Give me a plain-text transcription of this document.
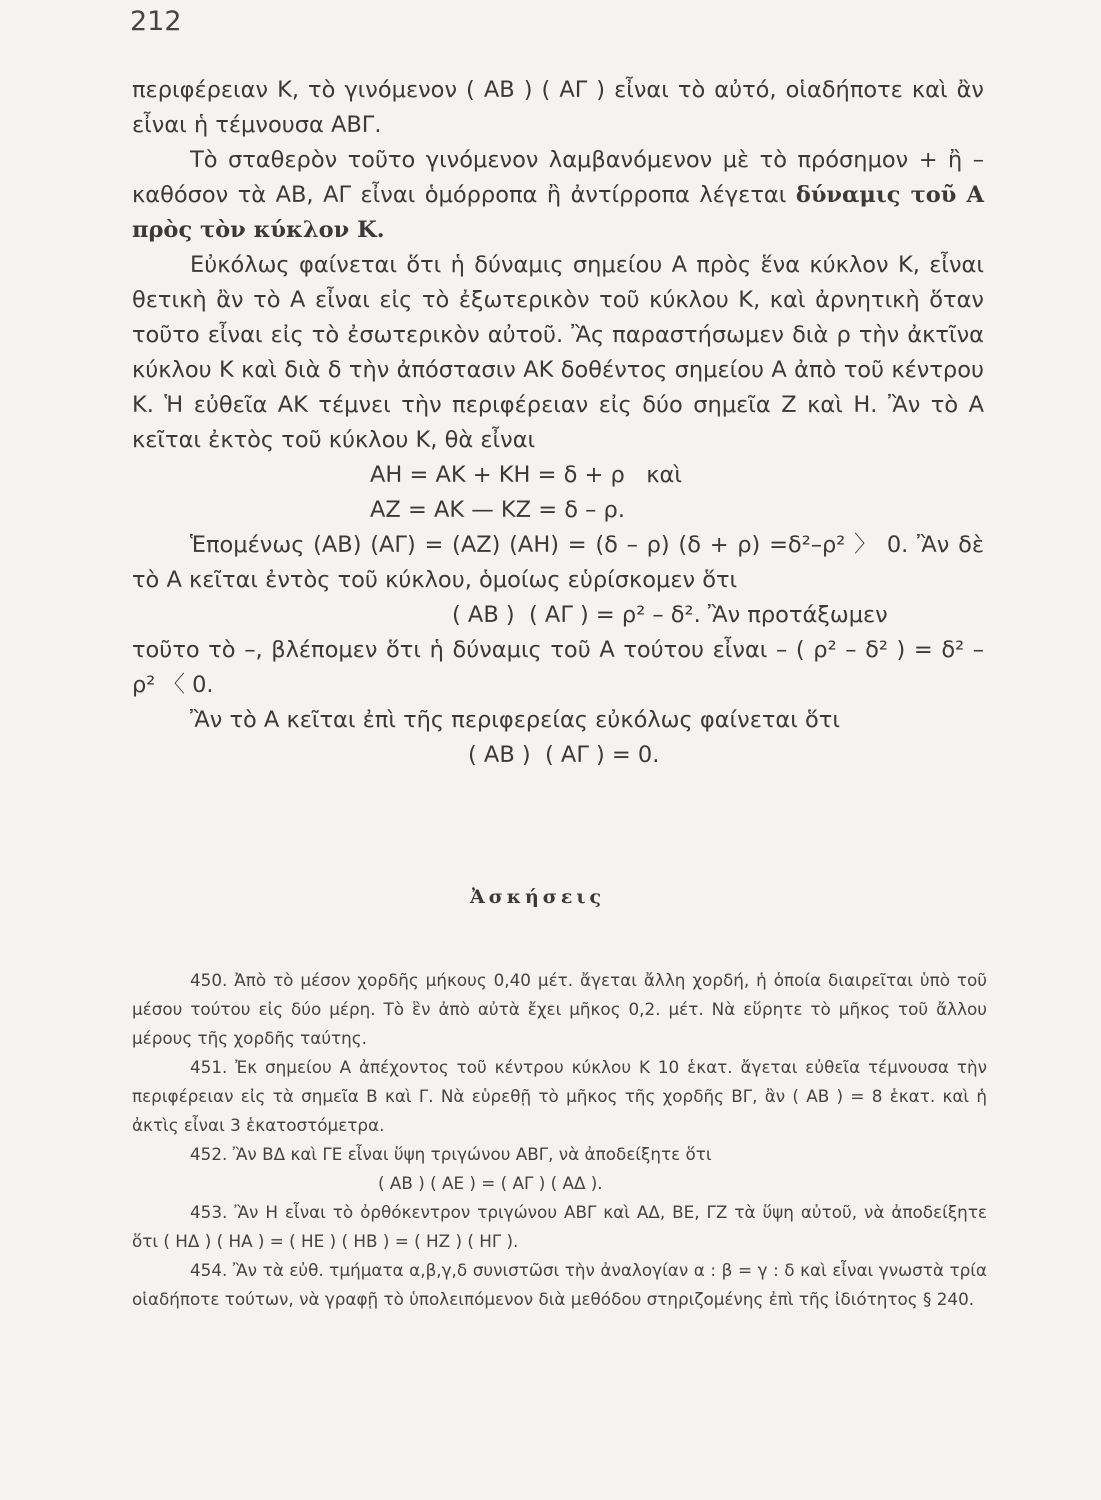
212

περιφέρειαν Κ, τὸ γινόμενον ( ΑΒ ) ( ΑΓ ) εἶναι τὸ αὐτό, οἱαδήποτε καὶ ἂν εἶναι ἡ τέμνουσα ΑΒΓ.

Τὸ σταθερὸν τοῦτο γινόμενον λαμβανόμενον μὲ τὸ πρόσημον + ἢ – καθόσον τὰ ΑΒ, ΑΓ εἶναι ὁμόρροπα ἢ ἀντίρροπα λέγεται δύναμις τοῦ Α πρὸς τὸν κύκλον Κ.

Εὐκόλως φαίνεται ὅτι ἡ δύναμις σημείου Α πρὸς ἕνα κύκλον Κ, εἶναι θετικὴ ἂν τὸ Α εἶναι εἰς τὸ ἐξωτερικὸν τοῦ κύκλου Κ, καὶ ἀρνητικὴ ὅταν τοῦτο εἶναι εἰς τὸ ἐσωτερικὸν αὐτοῦ. Ἂς παραστήσωμεν διὰ ρ τὴν ἀκτῖνα κύκλου Κ καὶ διὰ δ τὴν ἀπόστασιν ΑΚ δοθέντος σημείου Α ἀπὸ τοῦ κέντρου Κ. Ἡ εὐθεῖα ΑΚ τέμνει τὴν περιφέρειαν εἰς δύο σημεῖα Ζ καὶ Η. Ἂν τὸ Α κεῖται ἐκτὸς τοῦ κύκλου Κ, θὰ εἶναι

ΑΗ = ΑΚ + ΚΗ = δ + ρ   καὶ

ΑΖ = ΑΚ — ΚΖ = δ – ρ.

Ἑπομένως (ΑΒ) (ΑΓ) = (ΑΖ) (ΑΗ) = (δ – ρ) (δ + ρ) =δ²–ρ² 〉 0. Ἂν δὲ τὸ Α κεῖται ἐντὸς τοῦ κύκλου, ὁμοίως εὑρίσκομεν ὅτι

( ΑΒ )  ( ΑΓ ) = ρ² – δ². Ἂν προτάξωμεν

τοῦτο τὸ –, βλέπομεν ὅτι ἡ δύναμις τοῦ Α τούτου εἶναι – ( ρ² – δ² ) = δ² – ρ² 〈 0.

Ἂν τὸ Α κεῖται ἐπὶ τῆς περιφερείας εὐκόλως φαίνεται ὅτι

( ΑΒ )  ( ΑΓ ) = 0.

Ἀσκήσεις

450. Ἀπὸ τὸ μέσον χορδῆς μήκους 0,40 μέτ. ἄγεται ἄλλη χορδή, ἡ ὁποία διαιρεῖται ὑπὸ τοῦ μέσου τούτου εἰς δύο μέρη. Τὸ ἓν ἀπὸ αὐτὰ ἔχει μῆκος 0,2. μέτ. Νὰ εὕρητε τὸ μῆκος τοῦ ἄλλου μέρους τῆς χορδῆς ταύτης.

451. Ἐκ σημείου Α ἀπέχοντος τοῦ κέντρου κύκλου Κ 10 ἑκατ. ἄγεται εὐθεῖα τέμνουσα τὴν περιφέρειαν εἰς τὰ σημεῖα Β καὶ Γ. Νὰ εὑρεθῇ τὸ μῆκος τῆς χορδῆς ΒΓ, ἂν ( ΑΒ ) = 8 ἑκατ. καὶ ἡ ἀκτὶς εἶναι 3 ἑκατοστόμετρα.

452. Ἂν ΒΔ καὶ ΓΕ εἶναι ὕψη τριγώνου ΑΒΓ, νὰ ἀποδείξητε ὅτι

( ΑΒ ) ( ΑΕ ) = ( ΑΓ ) ( ΑΔ ).

453. Ἂν Η εἶναι τὸ ὀρθόκεντρον τριγώνου ΑΒΓ καὶ ΑΔ, ΒΕ, ΓΖ τὰ ὕψη αὐτοῦ, νὰ ἀποδείξητε ὅτι ( ΗΔ ) ( ΗΑ ) = ( ΗΕ ) ( ΗΒ ) = ( ΗΖ ) ( ΗΓ ).

454. Ἂν τὰ εὐθ. τμήματα α,β,γ,δ συνιστῶσι τὴν ἀναλογίαν α : β = γ : δ καὶ εἶναι γνωστὰ τρία οἱαδήποτε τούτων, νὰ γραφῇ τὸ ὑπολειπόμενον διὰ μεθόδου στηριζομένης ἐπὶ τῆς ἰδιότητος § 240.
